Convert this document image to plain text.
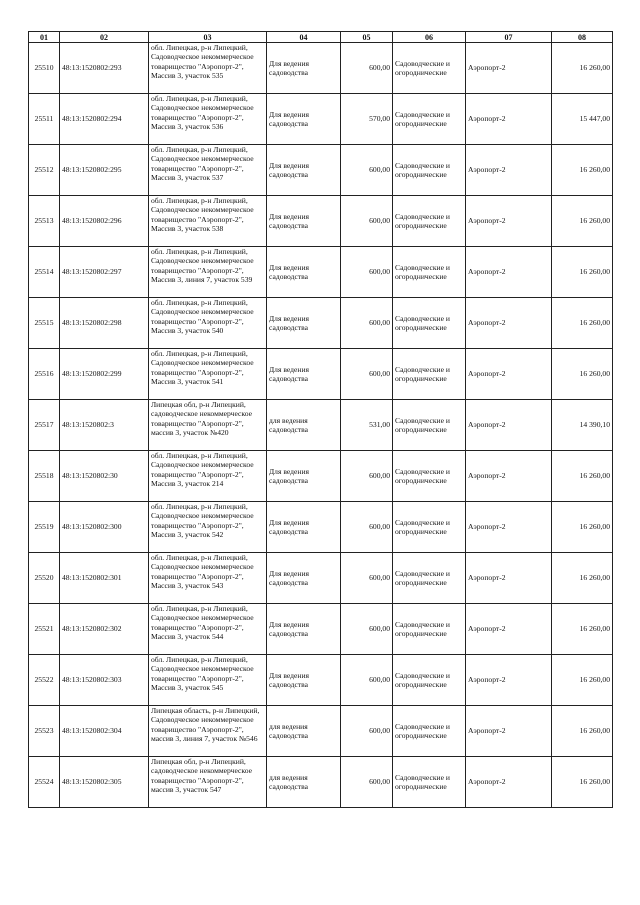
01	02	03	04	05	06	07	08
25510	48:13:1520802:293	обл. Липецкая, р-н Липецкий, Садоводческое некоммерческое товарищество "Аэропорт-2", Массив 3, участок 535	Для ведения садоводства	600,00	Садоводческие и огороднические	Аэропорт-2	16 260,00
25511	48:13:1520802:294	обл. Липецкая, р-н Липецкий, Садоводческое некоммерческое товарищество "Аэропорт-2", Массив 3, участок 536	Для ведения садоводства	570,00	Садоводческие и огороднические	Аэропорт-2	15 447,00
25512	48:13:1520802:295	обл. Липецкая, р-н Липецкий, Садоводческое некоммерческое товарищество "Аэропорт-2", Массив 3, участок 537	Для ведения садоводства	600,00	Садоводческие и огороднические	Аэропорт-2	16 260,00
25513	48:13:1520802:296	обл. Липецкая, р-н Липецкий, Садоводческое некоммерческое товарищество "Аэропорт-2", Массив 3, участок 538	Для ведения садоводства	600,00	Садоводческие и огороднические	Аэропорт-2	16 260,00
25514	48:13:1520802:297	обл. Липецкая, р-н Липецкий, Садоводческое некоммерческое товарищество "Аэропорт-2", Массив 3, линия 7, участок 539	Для ведения садоводства	600,00	Садоводческие и огороднические	Аэропорт-2	16 260,00
25515	48:13:1520802:298	обл. Липецкая, р-н Липецкий, Садоводческое некоммерческое товарищество "Аэропорт-2", Массив 3, участок 540	Для ведения садоводства	600,00	Садоводческие и огороднические	Аэропорт-2	16 260,00
25516	48:13:1520802:299	обл. Липецкая, р-н Липецкий, Садоводческое некоммерческое товарищество "Аэропорт-2", Массив 3, участок 541	Для ведения садоводства	600,00	Садоводческие и огороднические	Аэропорт-2	16 260,00
25517	48:13:1520802:3	Липецкая обл, р-н Липецкий, садоводческое некоммерческое товарищество "Аэропорт-2", массив 3, участок №420	для ведения садоводства	531,00	Садоводческие и огороднические	Аэропорт-2	14 390,10
25518	48:13:1520802:30	обл. Липецкая, р-н Липецкий, Садоводческое некоммерческое товарищество "Аэропорт-2", Массив 3, участок 214	Для ведения садоводства	600,00	Садоводческие и огороднические	Аэропорт-2	16 260,00
25519	48:13:1520802:300	обл. Липецкая, р-н Липецкий, Садоводческое некоммерческое товарищество "Аэропорт-2", Массив 3, участок 542	Для ведения садоводства	600,00	Садоводческие и огороднические	Аэропорт-2	16 260,00
25520	48:13:1520802:301	обл. Липецкая, р-н Липецкий, Садоводческое некоммерческое товарищество "Аэропорт-2", Массив 3, участок 543	Для ведения садоводства	600,00	Садоводческие и огороднические	Аэропорт-2	16 260,00
25521	48:13:1520802:302	обл. Липецкая, р-н Липецкий, Садоводческое некоммерческое товарищество "Аэропорт-2", Массив 3, участок 544	Для ведения садоводства	600,00	Садоводческие и огороднические	Аэропорт-2	16 260,00
25522	48:13:1520802:303	обл. Липецкая, р-н Липецкий, Садоводческое некоммерческое товарищество "Аэропорт-2", Массив 3, участок 545	Для ведения садоводства	600,00	Садоводческие и огороднические	Аэропорт-2	16 260,00
25523	48:13:1520802:304	Липецкая область, р-н Липецкий, Садоводческое некоммерческое товарищество "Аэропорт-2", массив 3, линия 7, участок №546	для ведения садоводства	600,00	Садоводческие и огороднические	Аэропорт-2	16 260,00
25524	48:13:1520802:305	Липецкая обл, р-н Липецкий, садоводческое некоммерческое товарищество "Аэропорт-2", массив 3, участок 547	для ведения садоводства	600,00	Садоводческие и огороднические	Аэропорт-2	16 260,00
